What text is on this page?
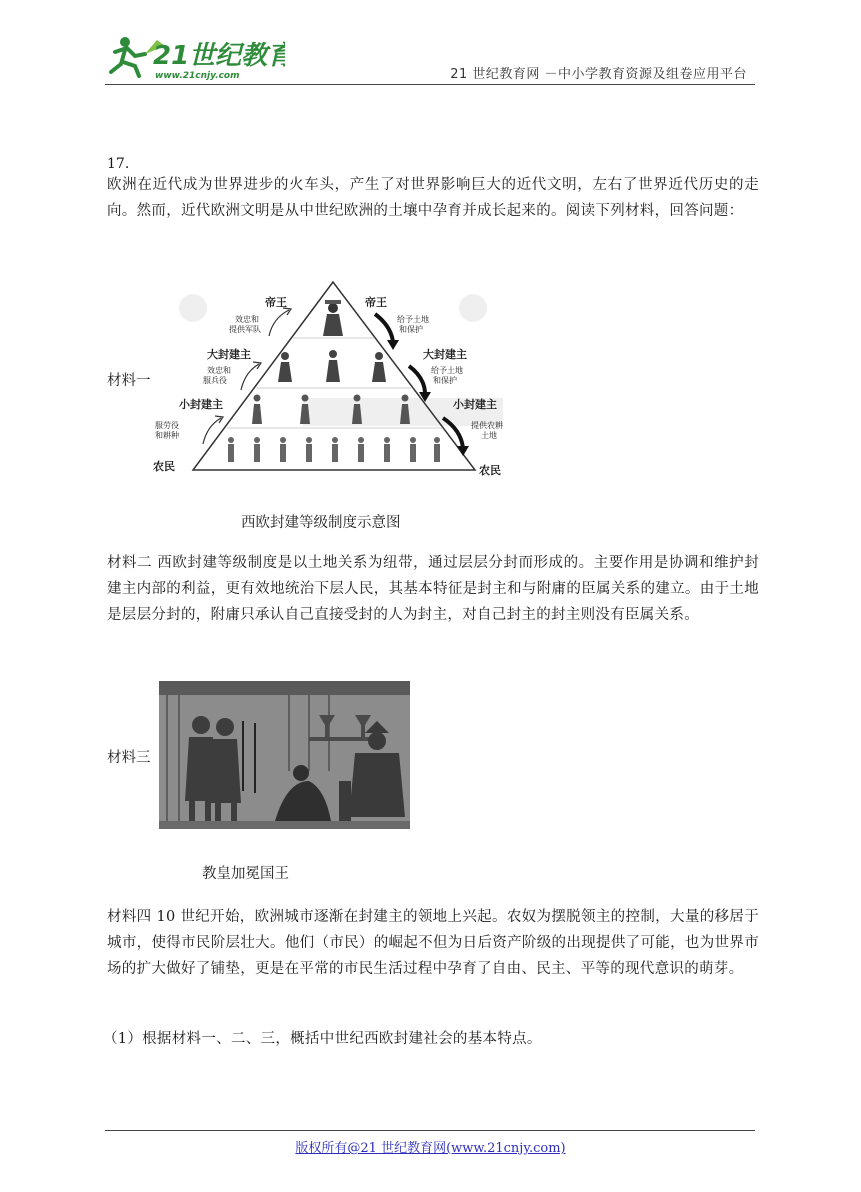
21世纪教育
www.21cnjy.com	21 世纪教育网 －中小学教育资源及组卷应用平台
17.
欧洲在近代成为世界进步的火车头，产生了对世界影响巨大的近代文明，左右了世界近代历史的走向。然而，近代欧洲文明是从中世纪欧洲的土壤中孕育并成长起来的。阅读下列材料，回答问题：
材料一
帝王
大封建主
小封建主
农民
效忠和
提供军队
效忠和
服兵役
服劳役
和耕种
帝王
大封建主
小封建主
农民
给予土地
和保护
给予土地
和保护
提供农耕
土地
西欧封建等级制度示意图
材料二 西欧封建等级制度是以土地关系为纽带，通过层层分封而形成的。主要作用是协调和维护封建主内部的利益，更有效地统治下层人民，其基本特征是封主和与附庸的臣属关系的建立。由于土地是层层分封的，附庸只承认自己直接受封的人为封主，对自己封主的封主则没有臣属关系。
材料三
教皇加冕国王
材料四 10 世纪开始，欧洲城市逐渐在封建主的领地上兴起。农奴为摆脱领主的控制，大量的移居于城市，使得市民阶层壮大。他们（市民）的崛起不但为日后资产阶级的出现提供了可能，也为世界市场的扩大做好了铺垫，更是在平常的市民生活过程中孕育了自由、民主、平等的现代意识的萌芽。
（1）根据材料一、二、三，概括中世纪西欧封建社会的基本特点。
版权所有@21 世纪教育网(www.21cnjy.com)
